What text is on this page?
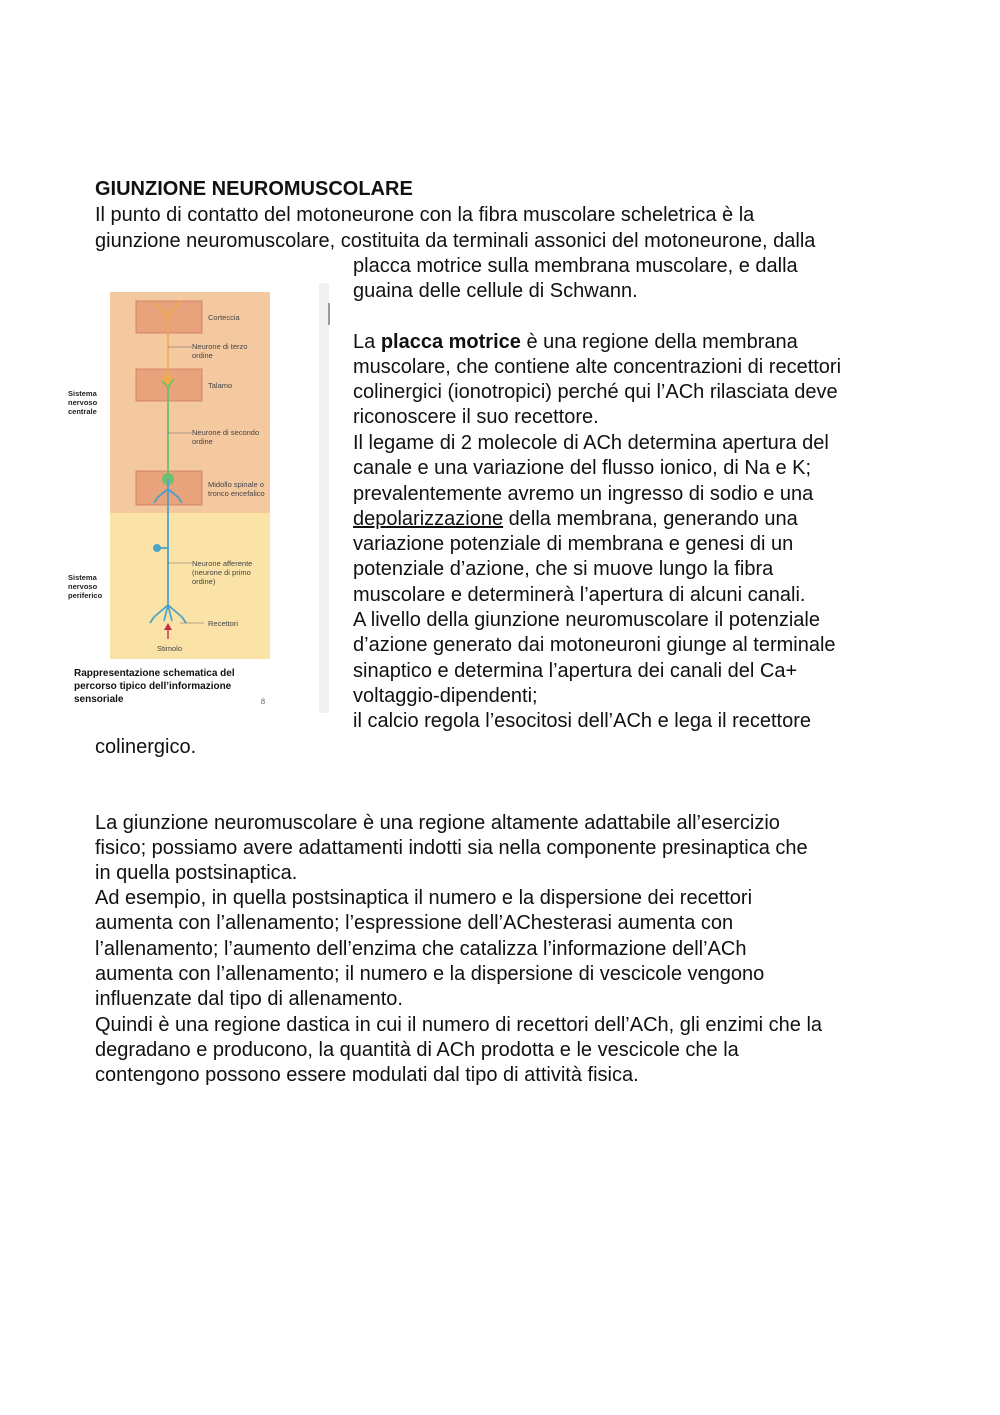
GIUNZIONE NEUROMUSCOLARE

Il punto di contatto del motoneurone con la fibra muscolare scheletrica è la

giunzione neuromuscolare, costituita da terminali assonici del motoneurone, dalla

placca motrice sulla membrana muscolare, e dalla

guaina delle cellule di Schwann.

La placca motrice è una regione della membrana

muscolare, che contiene alte concentrazioni di recettori

colinergici (ionotropici) perché qui l’ACh rilasciata deve

riconoscere il suo recettore.

Il legame di 2 molecole di ACh determina apertura del

canale e una variazione del flusso ionico, di Na e K;

prevalentemente avremo un ingresso di sodio e una

depolarizzazione della membrana, generando una

variazione potenziale di membrana e genesi di un

potenziale d’azione, che si muove lungo la fibra

muscolare e determinerà l’apertura di alcuni canali.

A livello della giunzione neuromuscolare il potenziale

d’azione generato dai motoneuroni giunge al terminale

sinaptico e determina l’apertura dei canali del Ca+

voltaggio-dipendenti;

il calcio regola l’esocitosi dell’ACh e lega il recettore

colinergico.

Corteccia
Neurone di terzo
ordine
Talamo
Neurone di secondo
ordine
Midollo spinale o
tronco encefalico
Neurone afferente
(neurone di primo
ordine)
Recettori
Stimolo
Sistema
nervoso
centrale
Sistema
nervoso
periferico
Rappresentazione schematica del
percorso tipico dell’informazione
sensoriale	8

La giunzione neuromuscolare è una regione altamente adattabile all’esercizio

fisico; possiamo avere adattamenti indotti sia nella componente presinaptica che

in quella postsinaptica.

Ad esempio, in quella postsinaptica il numero e la dispersione dei recettori

aumenta con l’allenamento; l’espressione dell’AChesterasi aumenta con

l’allenamento; l’aumento dell’enzima che catalizza l’informazione dell’ACh

aumenta con l’allenamento; il numero e la dispersione di vescicole vengono

influenzate dal tipo di allenamento.

Quindi è una regione dastica in cui il numero di recettori dell’ACh, gli enzimi che la

degradano e producono, la quantità di ACh prodotta e le vescicole che la

contengono possono essere modulati dal tipo di attività fisica.
